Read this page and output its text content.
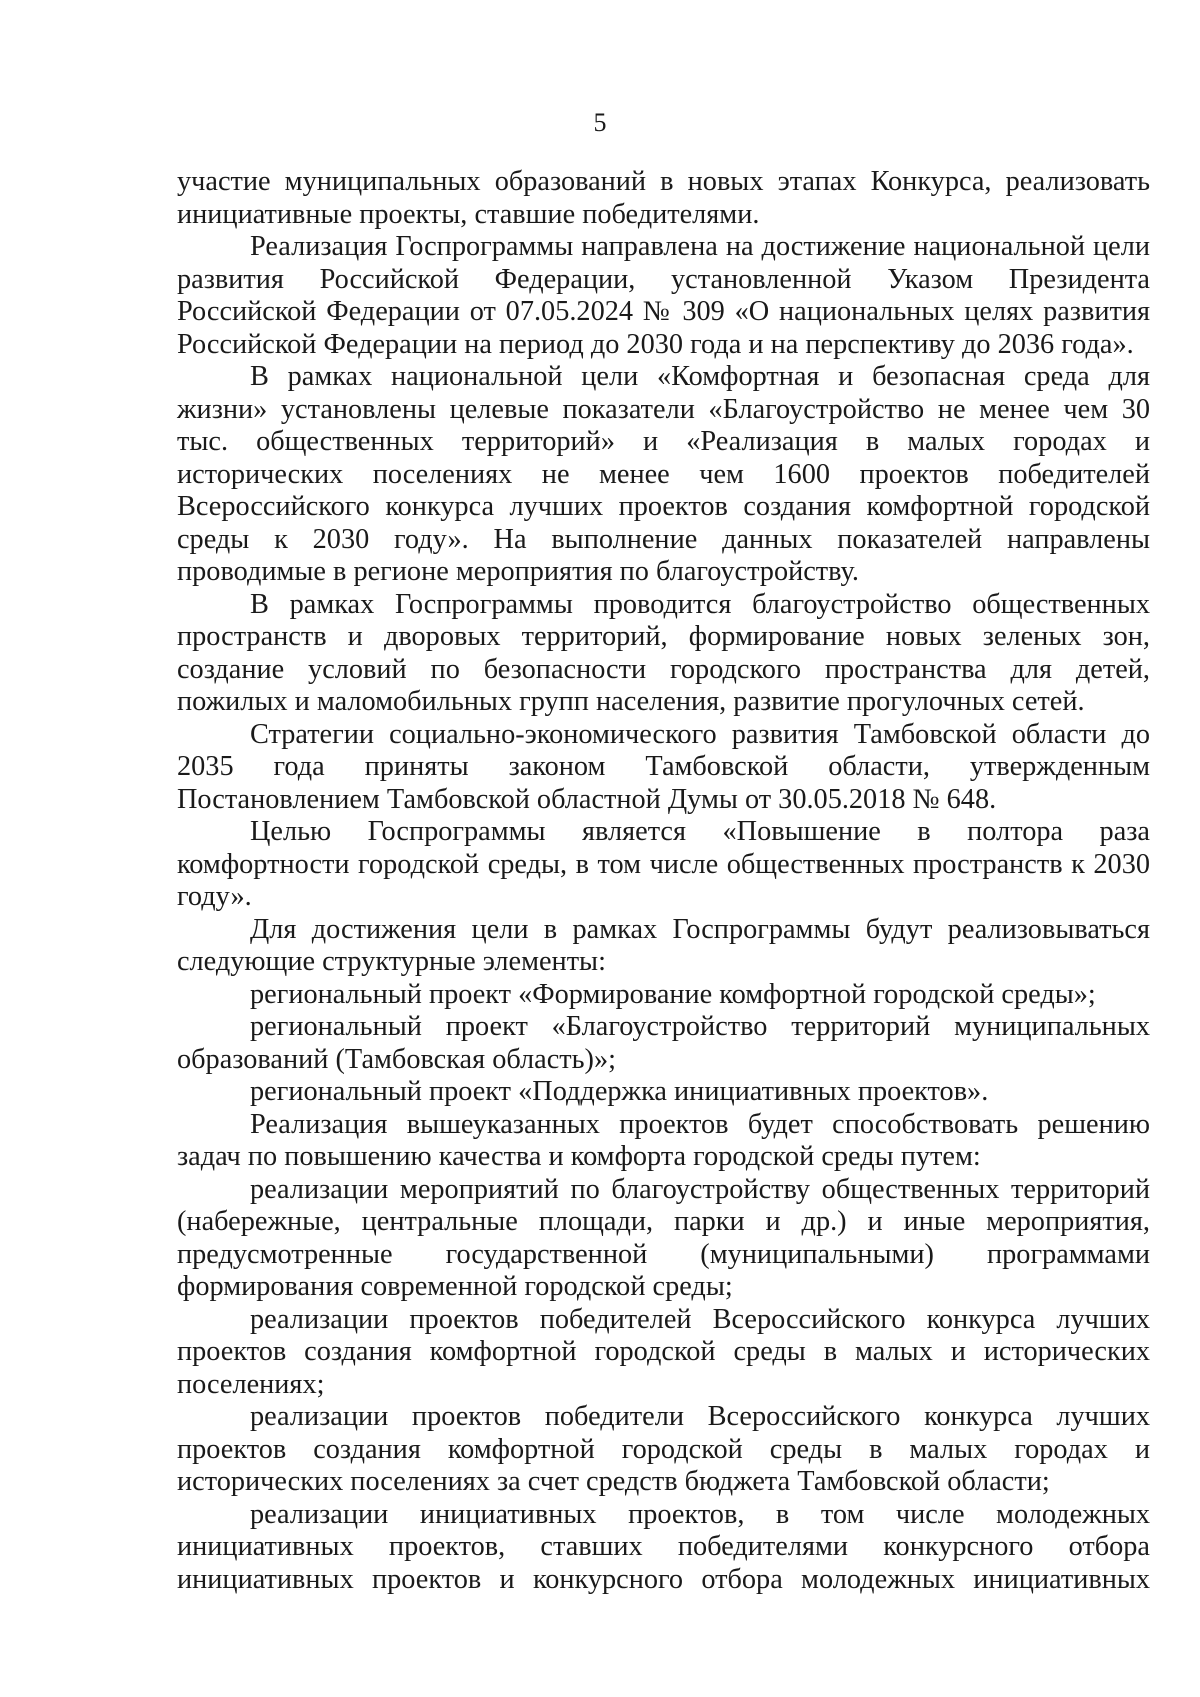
5

участие муниципальных образований в новых этапах Конкурса, реализовать инициативные проекты, ставшие победителями.

Реализация Госпрограммы направлена на достижение национальной цели развития Российской Федерации, установленной Указом Президента Российской Федерации от 07.05.2024 № 309 «О национальных целях развития Российской Федерации на период до 2030 года и на перспективу до 2036 года».

В рамках национальной цели «Комфортная и безопасная среда для жизни» установлены целевые показатели «Благоустройство не менее чем 30 тыс. общественных территорий» и «Реализация в малых городах и исторических поселениях не менее чем 1600 проектов победителей Всероссийского конкурса лучших проектов создания комфортной городской среды к 2030 году». На выполнение данных показателей направлены проводимые в регионе мероприятия по благоустройству.

В рамках Госпрограммы проводится благоустройство общественных пространств и дворовых территорий, формирование новых зеленых зон, создание условий по безопасности городского пространства для детей, пожилых и маломобильных групп населения, развитие прогулочных сетей.

Стратегии социально-экономического развития Тамбовской области до 2035 года приняты законом Тамбовской области, утвержденным Постановлением Тамбовской областной Думы от 30.05.2018 № 648.

Целью Госпрограммы является «Повышение в полтора раза комфортности городской среды, в том числе общественных пространств к 2030 году».

Для достижения цели в рамках Госпрограммы будут реализовываться следующие структурные элементы:

региональный проект «Формирование комфортной городской среды»;

региональный проект «Благоустройство территорий муниципальных образований (Тамбовская область)»;

региональный проект «Поддержка инициативных проектов».

Реализация вышеуказанных проектов будет способствовать решению задач по повышению качества и комфорта городской среды путем:

реализации мероприятий по благоустройству общественных территорий (набережные, центральные площади, парки и др.) и иные мероприятия, предусмотренные государственной (муниципальными) программами формирования современной городской среды;

реализации проектов победителей Всероссийского конкурса лучших проектов создания комфортной городской среды в малых и исторических поселениях;

реализации проектов победители Всероссийского конкурса лучших проектов создания комфортной городской среды в малых городах и исторических поселениях за счет средств бюджета Тамбовской области;

реализации инициативных проектов, в том числе молодежных инициативных проектов, ставших победителями конкурсного отбора инициативных проектов и конкурсного отбора молодежных инициативных
